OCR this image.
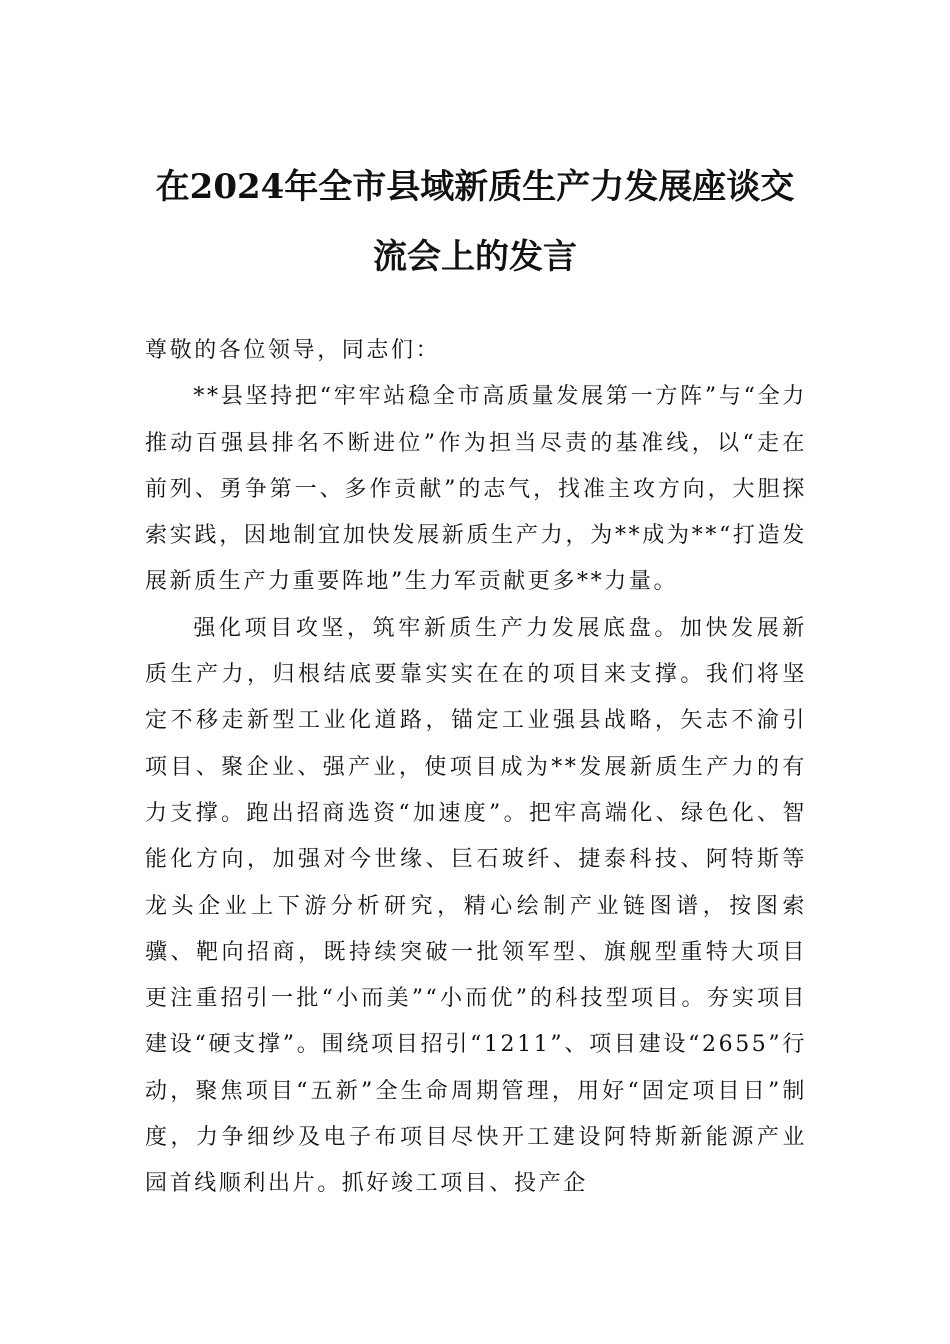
在2024年全市县域新质生产力发展座谈交
流会上的发言

尊敬的各位领导，同志们：

**县坚持把“牢牢站稳全市高质量发展第一方阵”与“全力推动百强县排名不断进位”作为担当尽责的基准线，以“走在前列、勇争第一、多作贡献”的志气，找准主攻方向，大胆探索实践，因地制宜加快发展新质生产力，为**成为**“打造发展新质生产力重要阵地”生力军贡献更多**力量。

强化项目攻坚，筑牢新质生产力发展底盘。加快发展新质生产力，归根结底要靠实实在在的项目来支撑。我们将坚定不移走新型工业化道路，锚定工业强县战略，矢志不渝引项目、聚企业、强产业，使项目成为**发展新质生产力的有力支撑。跑出招商选资“加速度”。把牢高端化、绿色化、智能化方向，加强对今世缘、巨石玻纤、捷泰科技、阿特斯等龙头企业上下游分析研究，精心绘制产业链图谱，按图索骥、靶向招商，既持续突破一批领军型、旗舰型重特大项目更注重招引一批“小而美”“小而优”的科技型项目。夯实项目建设“硬支撑”。围绕项目招引“1211”、项目建设“2655”行动，聚焦项目“五新”全生命周期管理，用好“固定项目日”制度，力争细纱及电子布项目尽快开工建设阿特斯新能源产业园首线顺利出片。抓好竣工项目、投产企
